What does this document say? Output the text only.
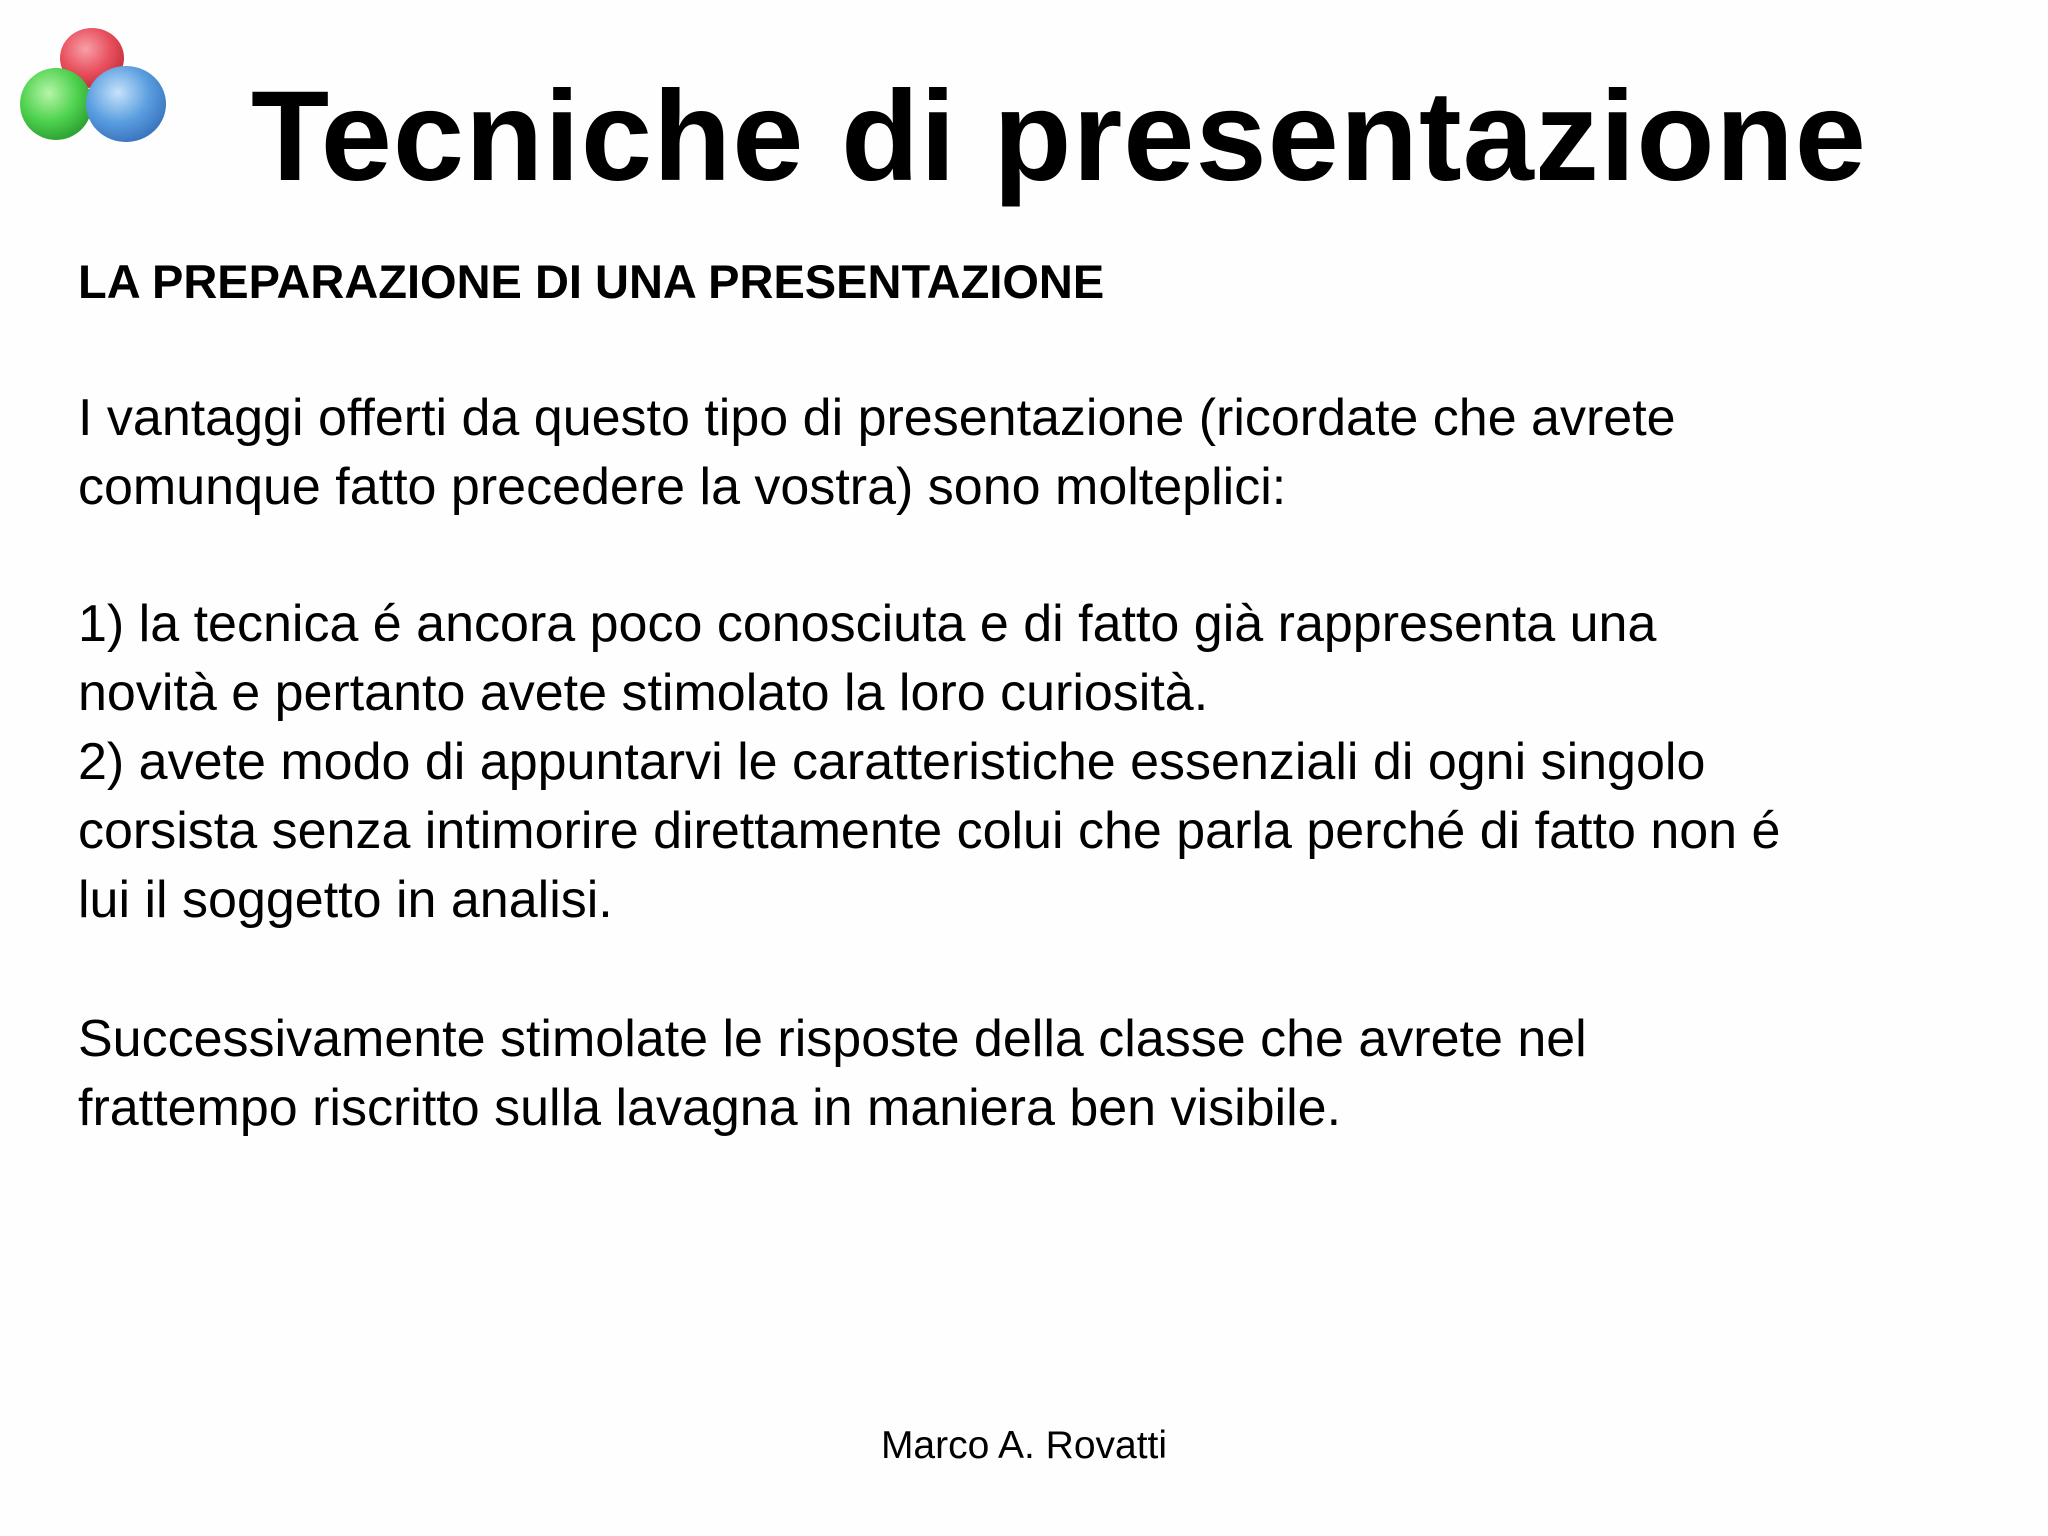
Tecniche di presentazione

LA PREPARAZIONE DI UNA PRESENTAZIONE

I vantaggi offerti da questo tipo di presentazione (ricordate che avrete
comunque fatto precedere la vostra) sono molteplici:

1) la tecnica é ancora poco conosciuta e di fatto già rappresenta una
novità e pertanto avete stimolato la loro curiosità.

2) avete modo di appuntarvi le caratteristiche essenziali di ogni singolo
corsista senza intimorire direttamente colui che parla perché di fatto non é
lui il soggetto in analisi.

Successivamente stimolate le risposte della classe che avrete nel
frattempo riscritto sulla lavagna in maniera ben visibile.

Marco A. Rovatti
